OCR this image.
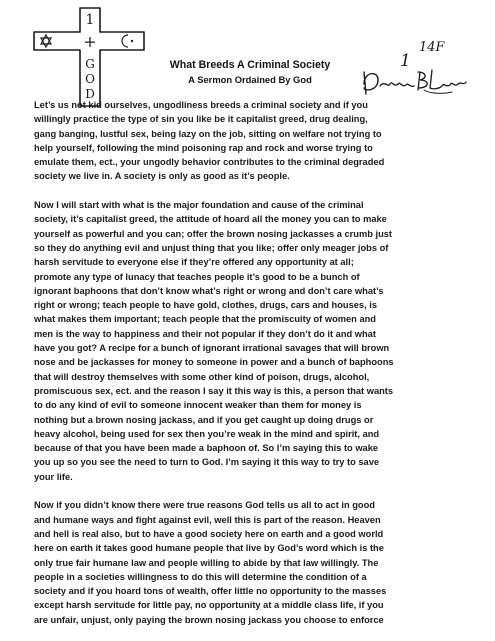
1
+
G
O
D
What Breeds A Criminal Society
A Sermon Ordained By God
14F
1

Let’s us not kid ourselves, ungodliness breeds a criminal society and if you
willingly practice the type of sin you like be it capitalist greed, drug dealing,
gang banging, lustful sex, being lazy on the job, sitting on welfare not trying to
help yourself, following the mind poisoning rap and rock and worse trying to
emulate them, ect., your ungodly behavior contributes to the criminal degraded
society we live in. A society is only as good as it’s people.

Now I will start with what is the major foundation and cause of the criminal
society, it’s capitalist greed, the attitude of hoard all the money you can to make
yourself as powerful and you can; offer the brown nosing jackasses a crumb just
so they do anything evil and unjust thing that you like; offer only meager jobs of
harsh servitude to everyone else if they’re offered any opportunity at all;
promote any type of lunacy that teaches people it’s good to be a bunch of
ignorant baphoons that don’t know what’s right or wrong and don’t care what’s
right or wrong; teach people to have gold, clothes, drugs, cars and houses, is
what makes them important; teach people that the promiscuity of women and
men is the way to happiness and their not popular if they don’t do it and what
have you got? A recipe for a bunch of ignorant irrational savages that will brown
nose and be jackasses for money to someone in power and a bunch of baphoons
that will destroy themselves with some other kind of poison, drugs, alcohol,
promiscuous sex, ect. and the reason I say it this way is this, a person that wants
to do any kind of evil to someone innocent weaker than them for money is
nothing but a brown nosing jackass, and if you get caught up doing drugs or
heavy alcohol, being used for sex then you’re weak in the mind and spirit, and
because of that you have been made a baphoon of. So I’m saying this to wake
you up so you see the need to turn to God. I’m saying it this way to try to save
your life.

Now if you didn’t know there were true reasons God tells us all to act in good
and humane ways and fight against evil, well this is part of the reason. Heaven
and hell is real also, but to have a good society here on earth and a good world
here on earth it takes good humane people that live by God’s word which is the
only true fair humane law and people willing to abide by that law willingly. The
people in a societies willingness to do this will determine the condition of a
society and if you hoard tons of wealth, offer little no opportunity to the masses
except harsh servitude for little pay, no opportunity at a middle class life, if you
are unfair, unjust, only paying the brown nosing jackass you choose to enforce
